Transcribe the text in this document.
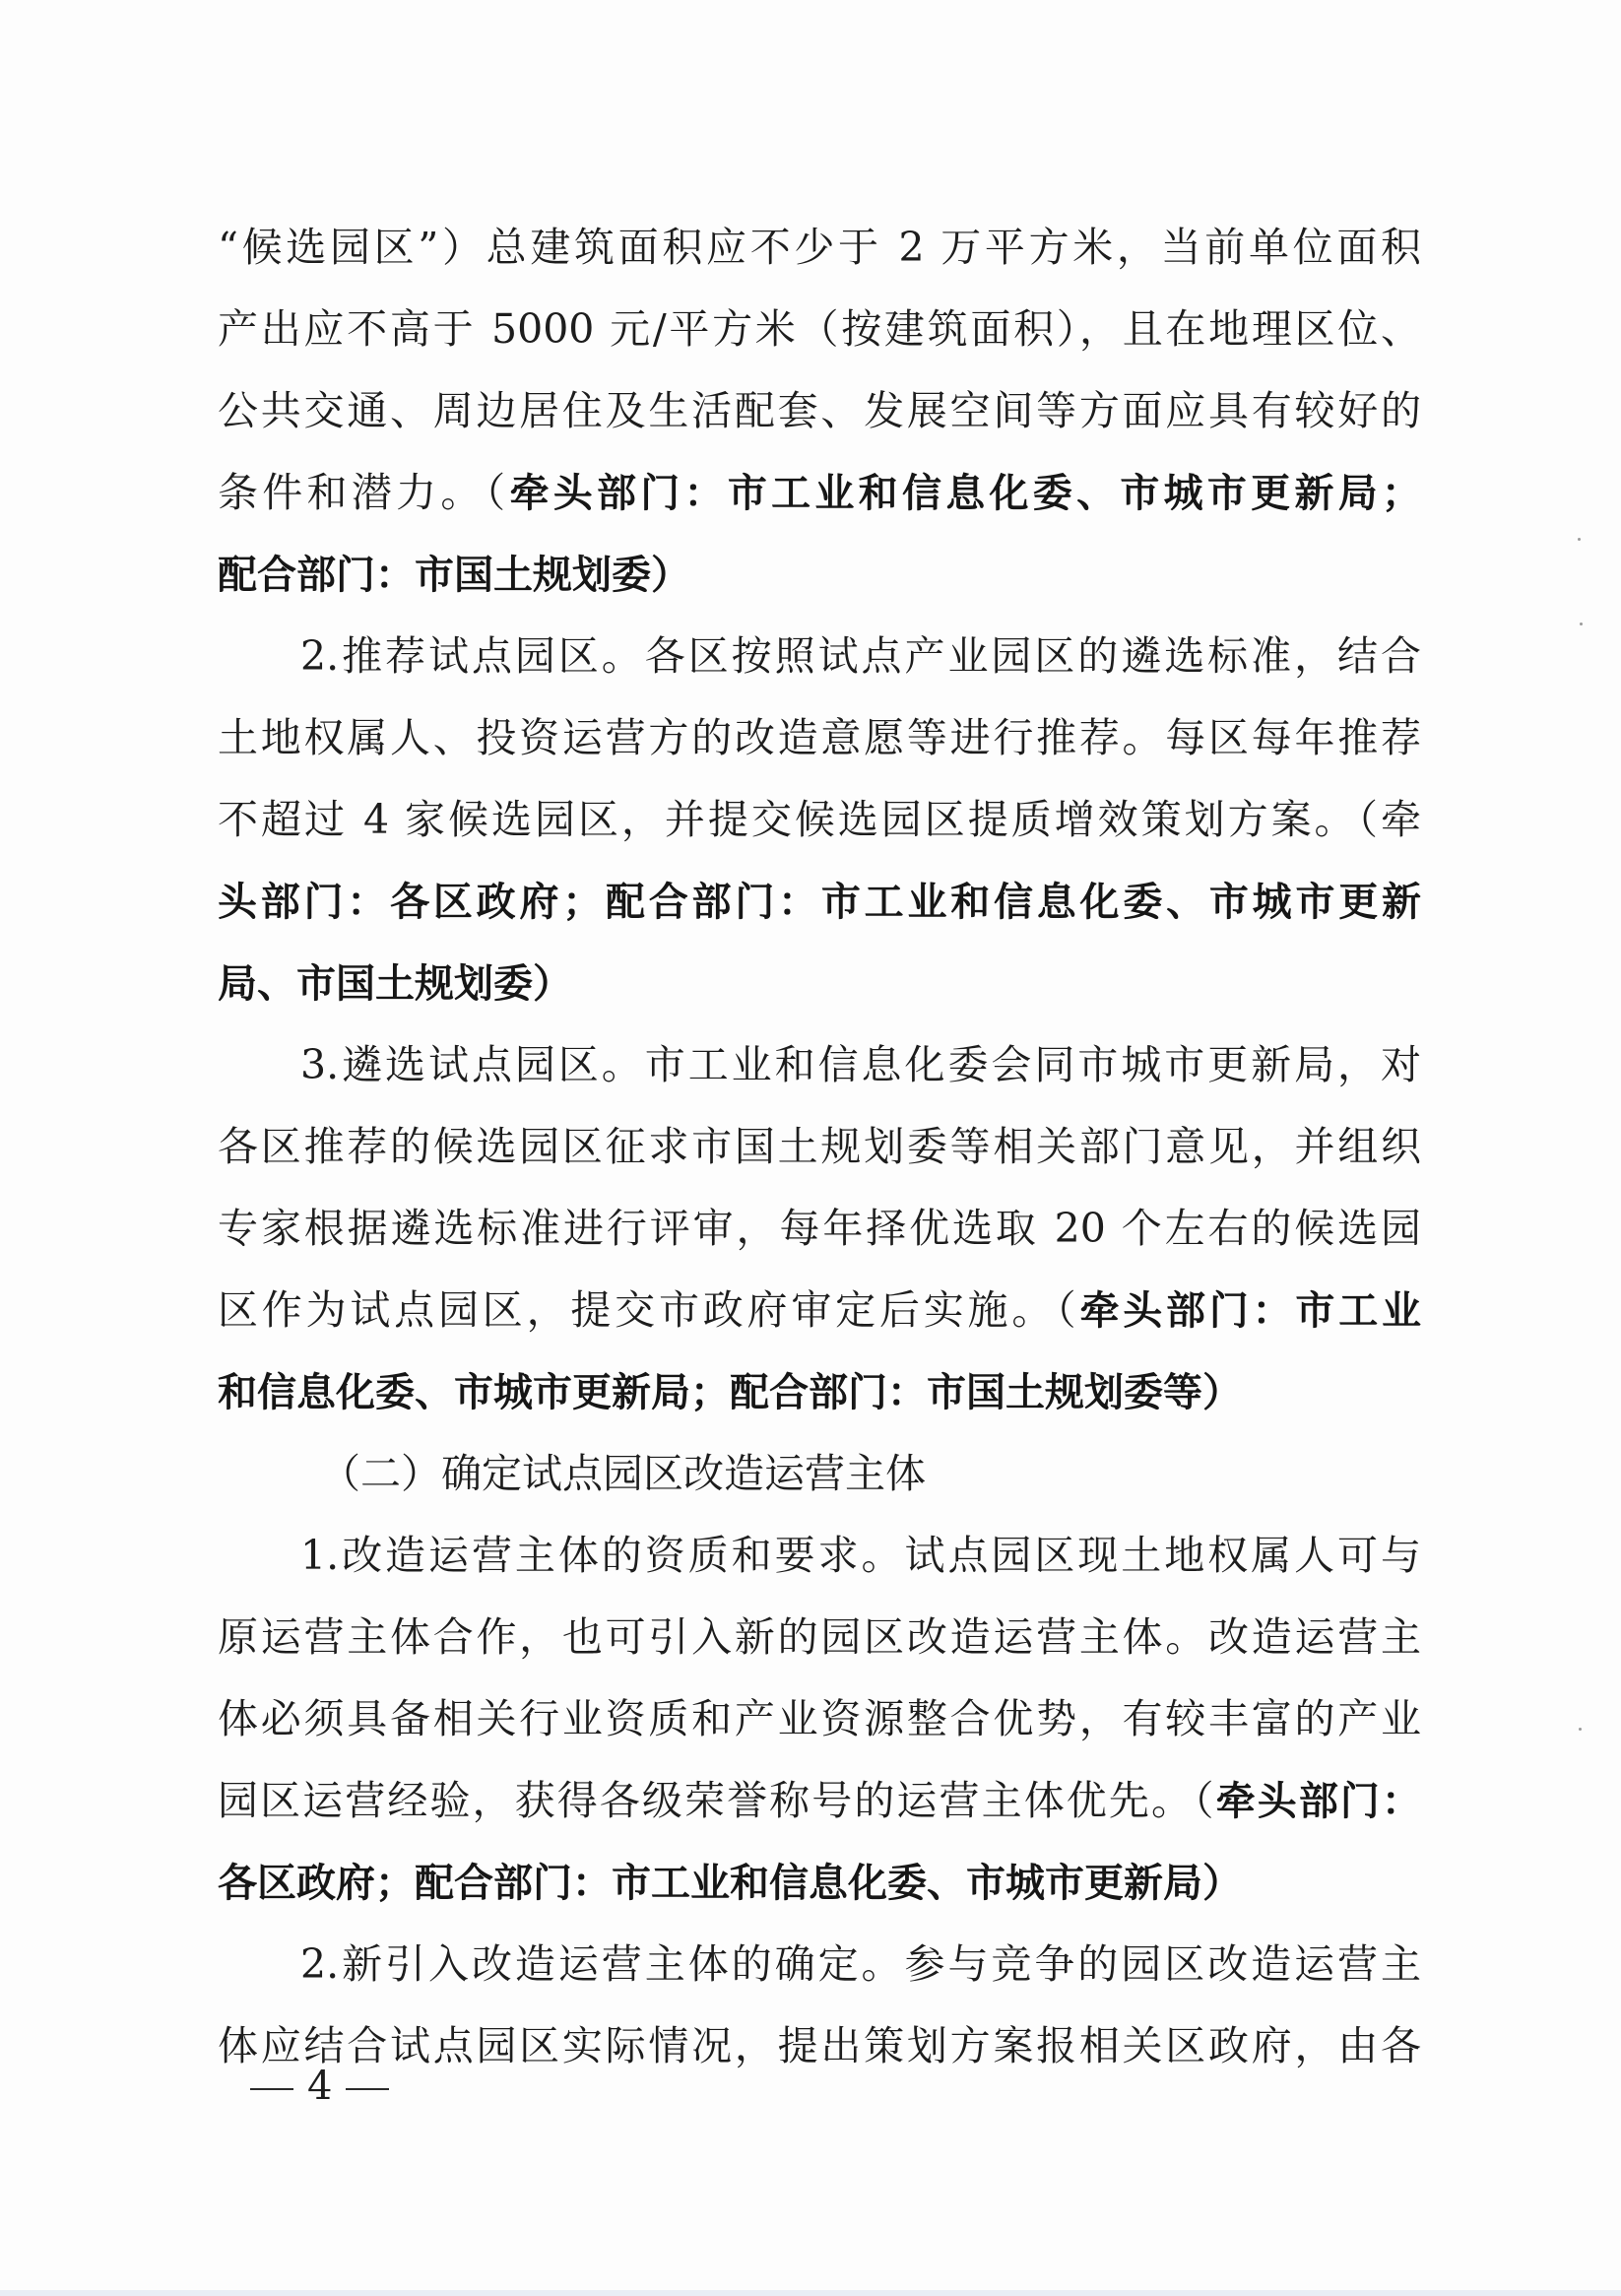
“候选园区”）总建筑面积应不少于 2 万平方米，当前单位面积
产出应不高于 5000 元/平方米（按建筑面积），且在地理区位、
公共交通、周边居住及生活配套、发展空间等方面应具有较好的
条件和潜力。（牵头部门：市工业和信息化委、市城市更新局；
配合部门：市国土规划委）
2.推荐试点园区。各区按照试点产业园区的遴选标准，结合
土地权属人、投资运营方的改造意愿等进行推荐。每区每年推荐
不超过 4 家候选园区，并提交候选园区提质增效策划方案。（牵
头部门：各区政府；配合部门：市工业和信息化委、市城市更新
局、市国土规划委）
3.遴选试点园区。市工业和信息化委会同市城市更新局，对
各区推荐的候选园区征求市国土规划委等相关部门意见，并组织
专家根据遴选标准进行评审，每年择优选取 20 个左右的候选园
区作为试点园区，提交市政府审定后实施。（牵头部门：市工业
和信息化委、市城市更新局；配合部门：市国土规划委等）
（二）确定试点园区改造运营主体
1.改造运营主体的资质和要求。试点园区现土地权属人可与
原运营主体合作，也可引入新的园区改造运营主体。改造运营主
体必须具备相关行业资质和产业资源整合优势，有较丰富的产业
园区运营经验，获得各级荣誉称号的运营主体优先。（牵头部门：
各区政府；配合部门：市工业和信息化委、市城市更新局）
2.新引入改造运营主体的确定。参与竞争的园区改造运营主
体应结合试点园区实际情况，提出策划方案报相关区政府，由各
4
